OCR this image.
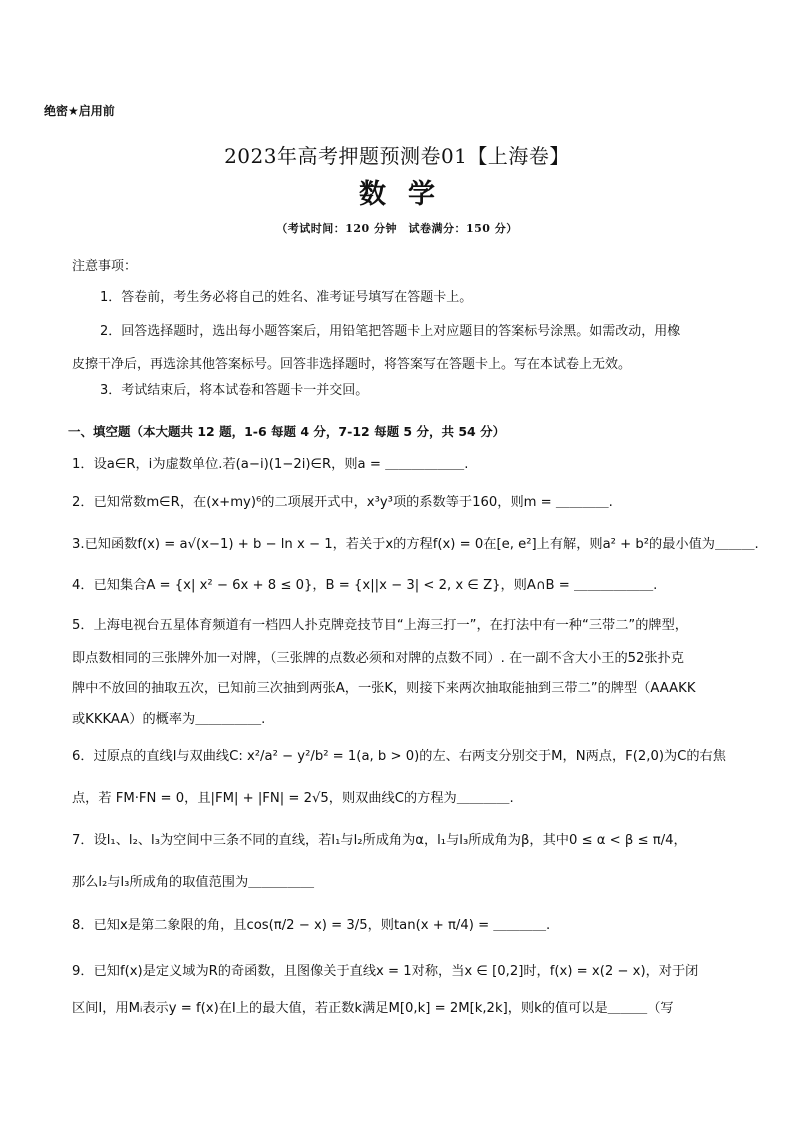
绝密★启用前
2023年高考押题预测卷01【上海卷】
数学
（考试时间：120 分钟　试卷满分：150 分）
注意事项：
1．答卷前，考生务必将自己的姓名、准考证号填写在答题卡上。
2．回答选择题时，选出每小题答案后，用铅笔把答题卡上对应题目的答案标号涂黑。如需改动，用橡
皮擦干净后，再选涂其他答案标号。回答非选择题时，将答案写在答题卡上。写在本试卷上无效。
3．考试结束后，将本试卷和答题卡一并交回。
一、填空题（本大题共 12 题，1-6 每题 4 分，7-12 每题 5 分，共 54 分）
1．设a∈R，i为虚数单位.若(a−i)(1−2i)∈R，则a = ＿＿＿＿＿＿.
2．已知常数m∈R，在(x+my)⁶的二项展开式中，x³y³项的系数等于160，则m = ＿＿＿＿.
3.已知函数f(x) = a√(x−1) + b − ln x − 1，若关于x的方程f(x) = 0在[e, e²]上有解，则a² + b²的最小值为＿＿＿.
4．已知集合A = {x| x² − 6x + 8 ≤ 0}，B = {x||x − 3| < 2, x ∈ Z}，则A∩B = ＿＿＿＿＿＿.
5．上海电视台五星体育频道有一档四人扑克牌竞技节目“上海三打一”，在打法中有一种“三带二”的牌型，
即点数相同的三张牌外加一对牌，（三张牌的点数必须和对牌的点数不同）. 在一副不含大小王的52张扑克
牌中不放回的抽取五次，已知前三次抽到两张A，一张K，则接下来两次抽取能抽到三带二”的牌型（AAAKK
或KKKAA）的概率为＿＿＿＿＿.
6．过原点的直线l与双曲线C: x²/a² − y²/b² = 1(a, b > 0)的左、右两支分别交于M，N两点，F(2,0)为C的右焦
点，若 FM·FN = 0，且|FM| + |FN| = 2√5，则双曲线C的方程为＿＿＿＿.
7．设l₁、l₂、l₃为空间中三条不同的直线，若l₁与l₂所成角为α，l₁与l₃所成角为β，其中0 ≤ α < β ≤ π/4，
那么l₂与l₃所成角的取值范围为＿＿＿＿＿
8．已知x是第二象限的角，且cos(π/2 − x) = 3/5，则tan(x + π/4) = ＿＿＿＿.
9．已知f(x)是定义域为R的奇函数，且图像关于直线x = 1对称，当x ∈ [0,2]时，f(x) = x(2 − x)，对于闭
区间I，用Mᵢ表示y = f(x)在I上的最大值，若正数k满足M[0,k] = 2M[k,2k]，则k的值可以是＿＿＿（写
